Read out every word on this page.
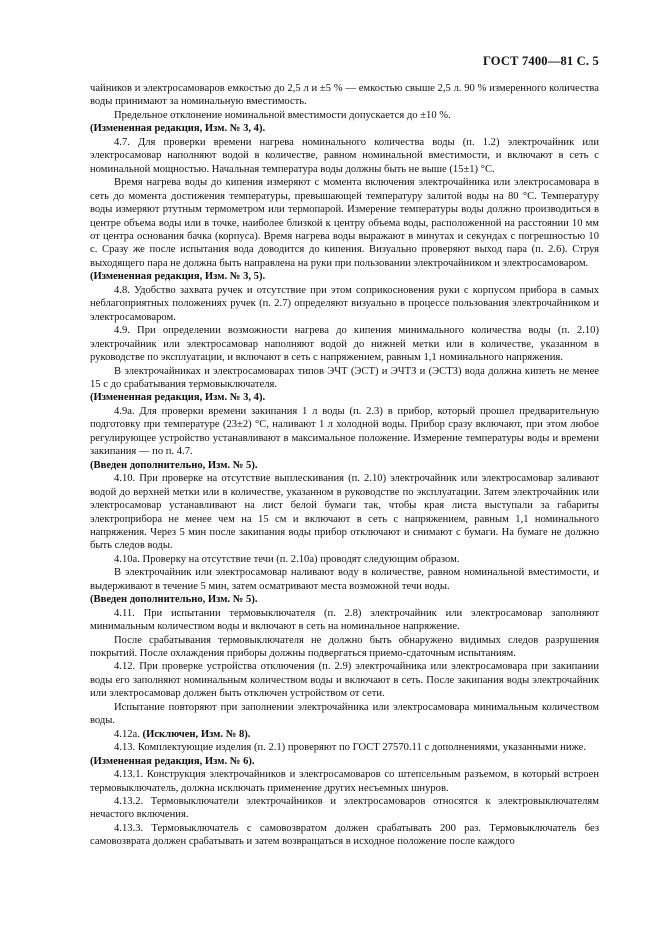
ГОСТ 7400—81 С. 5

чайников и электросамоваров емкостью до 2,5 л и ±5 % — емкостью свыше 2,5 л. 90 % измеренного количества воды принимают за номинальную вместимость.

Предельное отклонение номинальной вместимости допускается до ±10 %.

(Измененная редакция, Изм. № 3, 4).

4.7. Для проверки времени нагрева номинального количества воды (п. 1.2) электрочайник или электросамовар наполняют водой в количестве, равном номинальной вместимости, и включают в сеть с номинальной мощностью. Начальная температура воды должны быть не выше (15±1) °С.

Время нагрева воды до кипения измеряют с момента включения электрочайника или электросамовара в сеть до момента достижения температуры, превышающей температуру залитой воды на 80 °С. Температуру воды измеряют ртутным термометром или термопарой. Измерение температуры воды должно производиться в центре объема воды или в точке, наиболее близкой к центру объема воды, расположенной на расстоянии 10 мм от центра основания бачка (корпуса). Время нагрева воды выражают в минутах и секундах с погрешностью 10 с. Сразу же после испытания вода доводится до кипения. Визуально проверяют выход пара (п. 2.6). Струя выходящего пара не должна быть направлена на руки при пользовании электрочайником и электросамоваром.

(Измененная редакция, Изм. № 3, 5).

4.8. Удобство захвата ручек и отсутствие при этом соприкосновения руки с корпусом прибора в самых неблагоприятных положениях ручек (п. 2.7) определяют визуально в процессе пользования электрочайником и электросамоваром.

4.9. При определении возможности нагрева до кипения минимального количества воды (п. 2.10) электрочайник или электросамовар наполняют водой до нижней метки или в количестве, указанном в руководстве по эксплуатации, и включают в сеть с напряжением, равным 1,1 номинального напряжения.

В электрочайниках и электросамоварах типов ЭЧТ (ЭСТ) и ЭЧТЗ и (ЭСТЗ) вода должна кипеть не менее 15 с до срабатывания термовыключателя.

(Измененная редакция, Изм. № 3, 4).

4.9а. Для проверки времени закипания 1 л воды (п. 2.3) в прибор, который прошел предварительную подготовку при температуре (23±2) °С, наливают 1 л холодной воды. Прибор сразу включают, при этом любое регулирующее устройство устанавливают в максимальное положение. Измерение температуры воды и времени закипания — по п. 4.7.

(Введен дополнительно, Изм. № 5).

4.10. При проверке на отсутствие выплескивания (п. 2.10) электрочайник или электросамовар заливают водой до верхней метки или в количестве, указанном в руководстве по эксплуатации. Затем электрочайник или электросамовар устанавливают на лист белой бумаги так, чтобы края листа выступали за габариты электроприбора не менее чем на 15 см и включают в сеть с напряжением, равным 1,1 номинального напряжения. Через 5 мин после закипания воды прибор отключают и снимают с бумаги. На бумаге не должно быть следов воды.

4.10а. Проверку на отсутствие течи (п. 2.10а) проводят следующим образом.

В электрочайник или электросамовар наливают воду в количестве, равном номинальной вместимости, и выдерживают в течение 5 мин, затем осматривают места возможной течи воды.

(Введен дополнительно, Изм. № 5).

4.11. При испытании термовыключателя (п. 2.8) электрочайник или электросамовар заполняют минимальным количеством воды и включают в сеть на номинальное напряжение.

После срабатывания термовыключателя не должно быть обнаружено видимых следов разрушения покрытий. После охлаждения приборы должны подвергаться приемо-сдаточным испытаниям.

4.12. При проверке устройства отключения (п. 2.9) электрочайника или электросамовара при закипании воды его заполняют номинальным количеством воды и включают в сеть. После закипания воды электрочайник или электросамовар должен быть отключен устройством от сети.

Испытание повторяют при заполнении электрочайника или электросамовара минимальным количеством воды.

4.12а. (Исключен, Изм. № 8).

4.13. Комплектующие изделия (п. 2.1) проверяют по ГОСТ 27570.11 с дополнениями, указанными ниже.

(Измененная редакция, Изм. № 6).

4.13.1. Конструкция электрочайников и электросамоваров со штепсельным разъемом, в который встроен термовыключатель, должна исключать применение других несъемных шнуров.

4.13.2. Термовыключатели электрочайников и электросамоваров относятся к электровыключателям нечастого включения.

4.13.3. Термовыключатель с самовозвратом должен срабатывать 200 раз. Термовыключатель без самовозврата должен срабатывать и затем возвращаться в исходное положение после каждого
